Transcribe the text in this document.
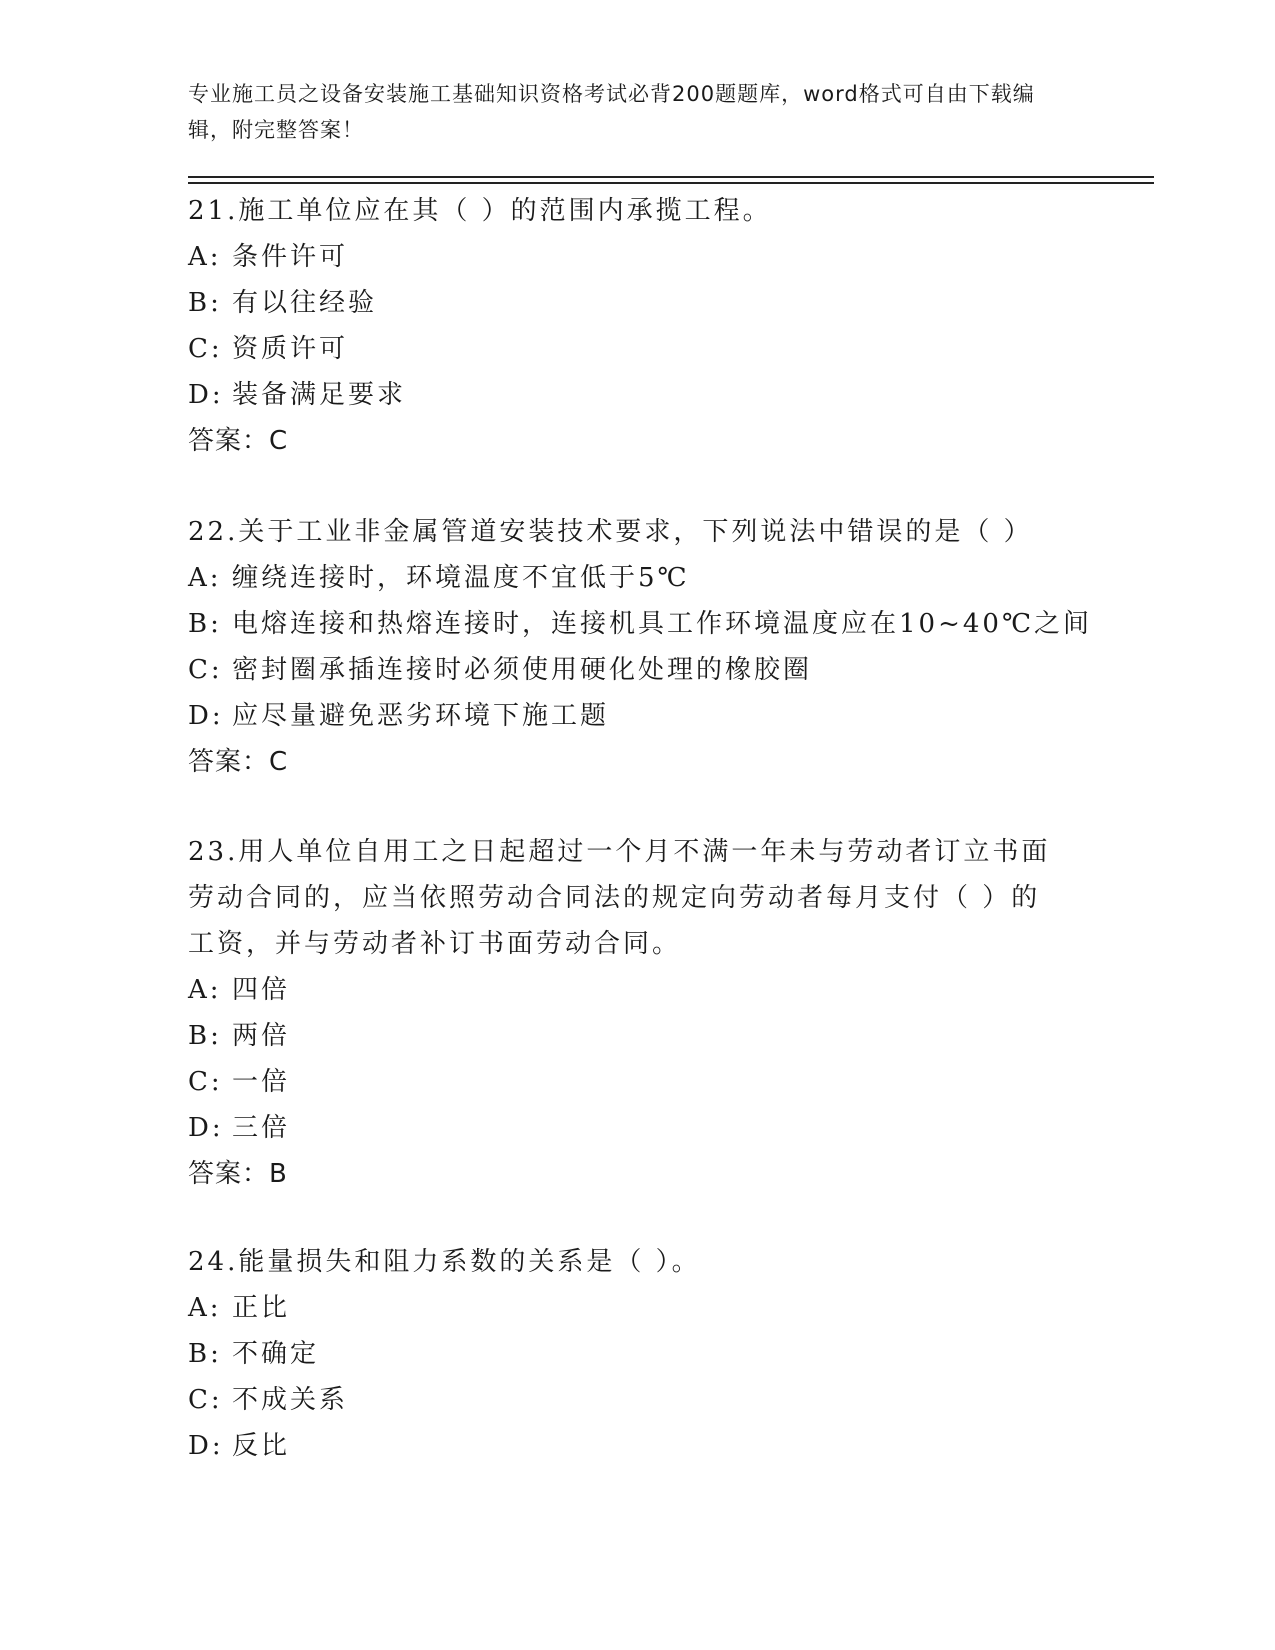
专业施工员之设备安装施工基础知识资格考试必背200题题库，word格式可自由下载编辑，附完整答案！
21.施工单位应在其（ ）的范围内承揽工程。
A: 条件许可
B: 有以往经验
C: 资质许可
D: 装备满足要求
答案：C
22.关于工业非金属管道安装技术要求，下列说法中错误的是（ ）
A: 缠绕连接时，环境温度不宜低于5℃
B: 电熔连接和热熔连接时，连接机具工作环境温度应在10~40℃之间
C: 密封圈承插连接时必须使用硬化处理的橡胶圈
D: 应尽量避免恶劣环境下施工题
答案：C
23.用人单位自用工之日起超过一个月不满一年未与劳动者订立书面劳动合同的，应当依照劳动合同法的规定向劳动者每月支付（ ）的工资，并与劳动者补订书面劳动合同。
A: 四倍
B: 两倍
C: 一倍
D: 三倍
答案：B
24.能量损失和阻力系数的关系是（ ）。
A: 正比
B: 不确定
C: 不成关系
D: 反比
